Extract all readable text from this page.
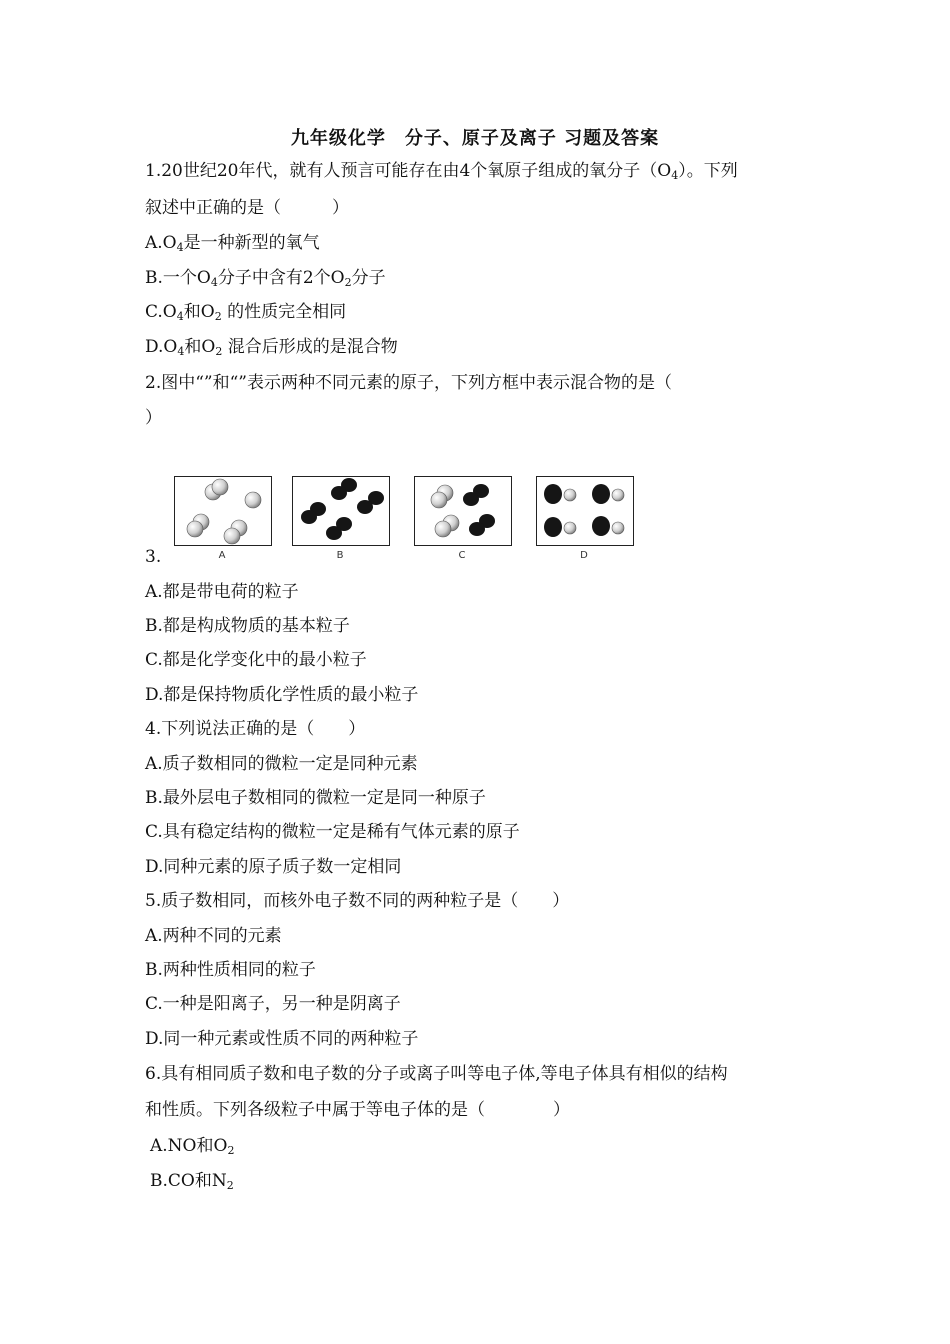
九年级化学　分子、原子及离子 习题及答案
1.20世纪20年代，就有人预言可能存在由4个氧原子组成的氧分子$(O_4)$。下列
叙述中正确的是（　　　）
$A.O_4$是一种新型的氧气
B.一个$O_4$分子中含有2个$O_2$分子
$C.O_4$和$O_2$ 的性质完全相同
$D.O_4$和$O_2$ 混合后形成的是混合物
2.图中“”和“”表示两种不同元素的原子，下列方框中表示混合物的是（
）
A	B	C	D
3.
A.都是带电荷的粒子
B.都是构成物质的基本粒子
C.都是化学变化中的最小粒子
D.都是保持物质化学性质的最小粒子
4.下列说法正确的是（　　）
A.质子数相同的微粒一定是同种元素
B.最外层电子数相同的微粒一定是同一种原子
C.具有稳定结构的微粒一定是稀有气体元素的原子
D.同种元素的原子质子数一定相同
5.质子数相同，而核外电子数不同的两种粒子是（　　）
A.两种不同的元素
B.两种性质相同的粒子
C.一种是阳离子，另一种是阴离子
D.同一种元素或性质不同的两种粒子
6.具有相同质子数和电子数的分子或离子叫等电子体,等电子体具有相似的结构
和性质。下列各级粒子中属于等电子体的是（　　　　）
A.NO和$O_2$
B.CO和$N_2$
